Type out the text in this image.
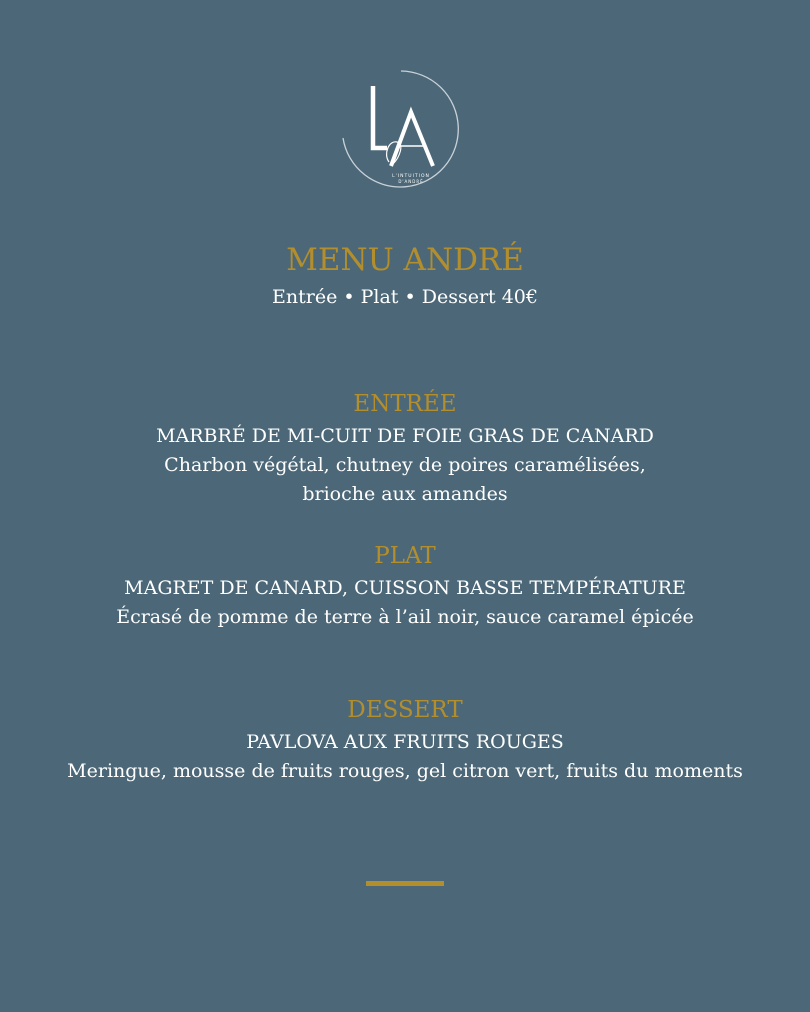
L'INTUITION
D'ANDRÉ
MENU ANDRÉ
Entrée • Plat • Dessert 40€
ENTRÉE
MARBRÉ DE MI-CUIT DE FOIE GRAS DE CANARD
Charbon végétal, chutney de poires caramélisées,
brioche aux amandes
PLAT
MAGRET DE CANARD, CUISSON BASSE TEMPÉRATURE
Écrasé de pomme de terre à l’ail noir, sauce caramel épicée
DESSERT
PAVLOVA AUX FRUITS ROUGES
Meringue, mousse de fruits rouges, gel citron vert, fruits du moments
